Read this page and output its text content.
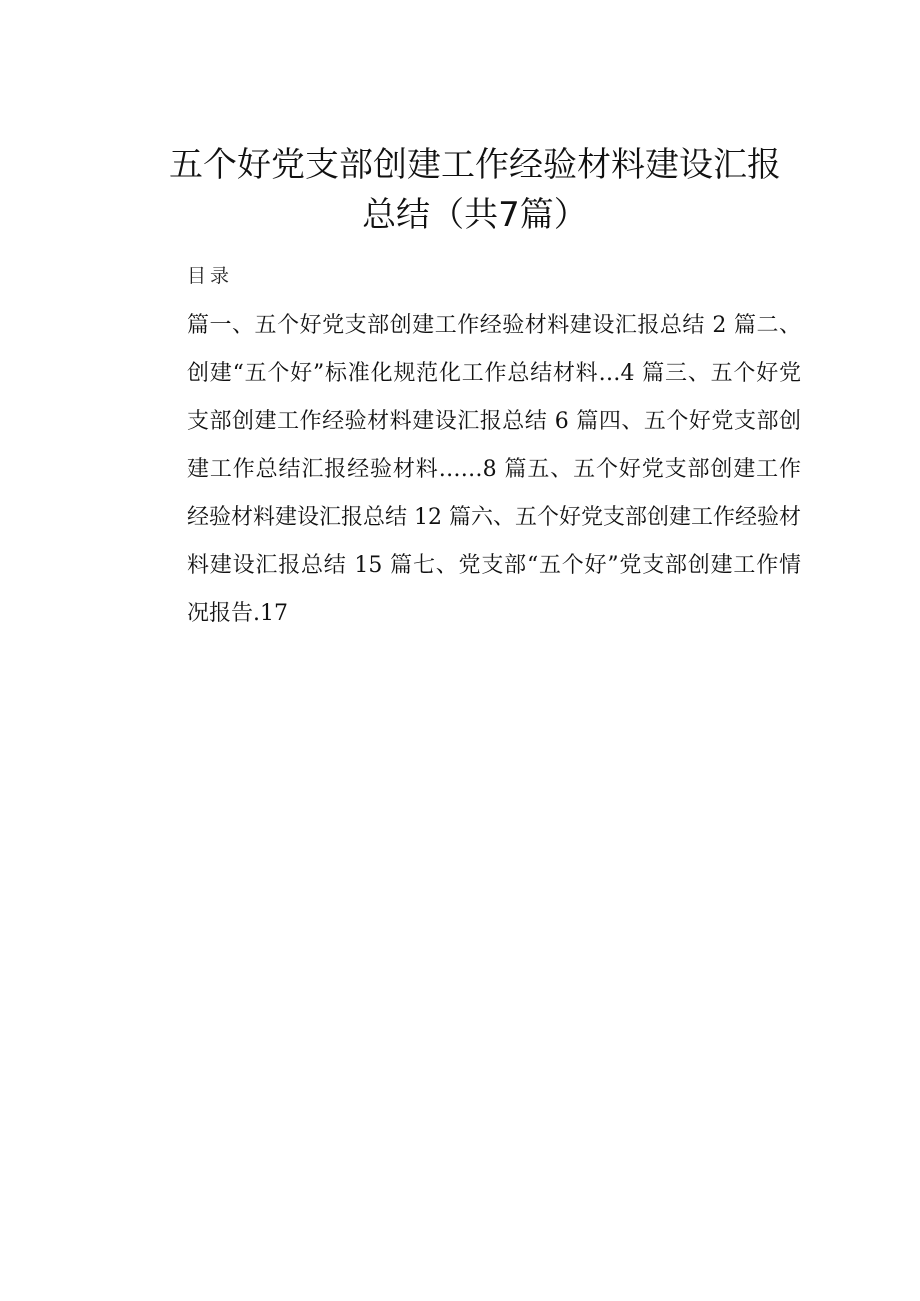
五个好党支部创建工作经验材料建设汇报
总结（共7篇）
目录
篇一、五个好党支部创建工作经验材料建设汇报总结 2 篇二、创建“五个好”标准化规范化工作总结材料…4 篇三、五个好党支部创建工作经验材料建设汇报总结 6 篇四、五个好党支部创建工作总结汇报经验材料……8 篇五、五个好党支部创建工作经验材料建设汇报总结 12 篇六、五个好党支部创建工作经验材料建设汇报总结 15 篇七、党支部“五个好”党支部创建工作情况报告.17
